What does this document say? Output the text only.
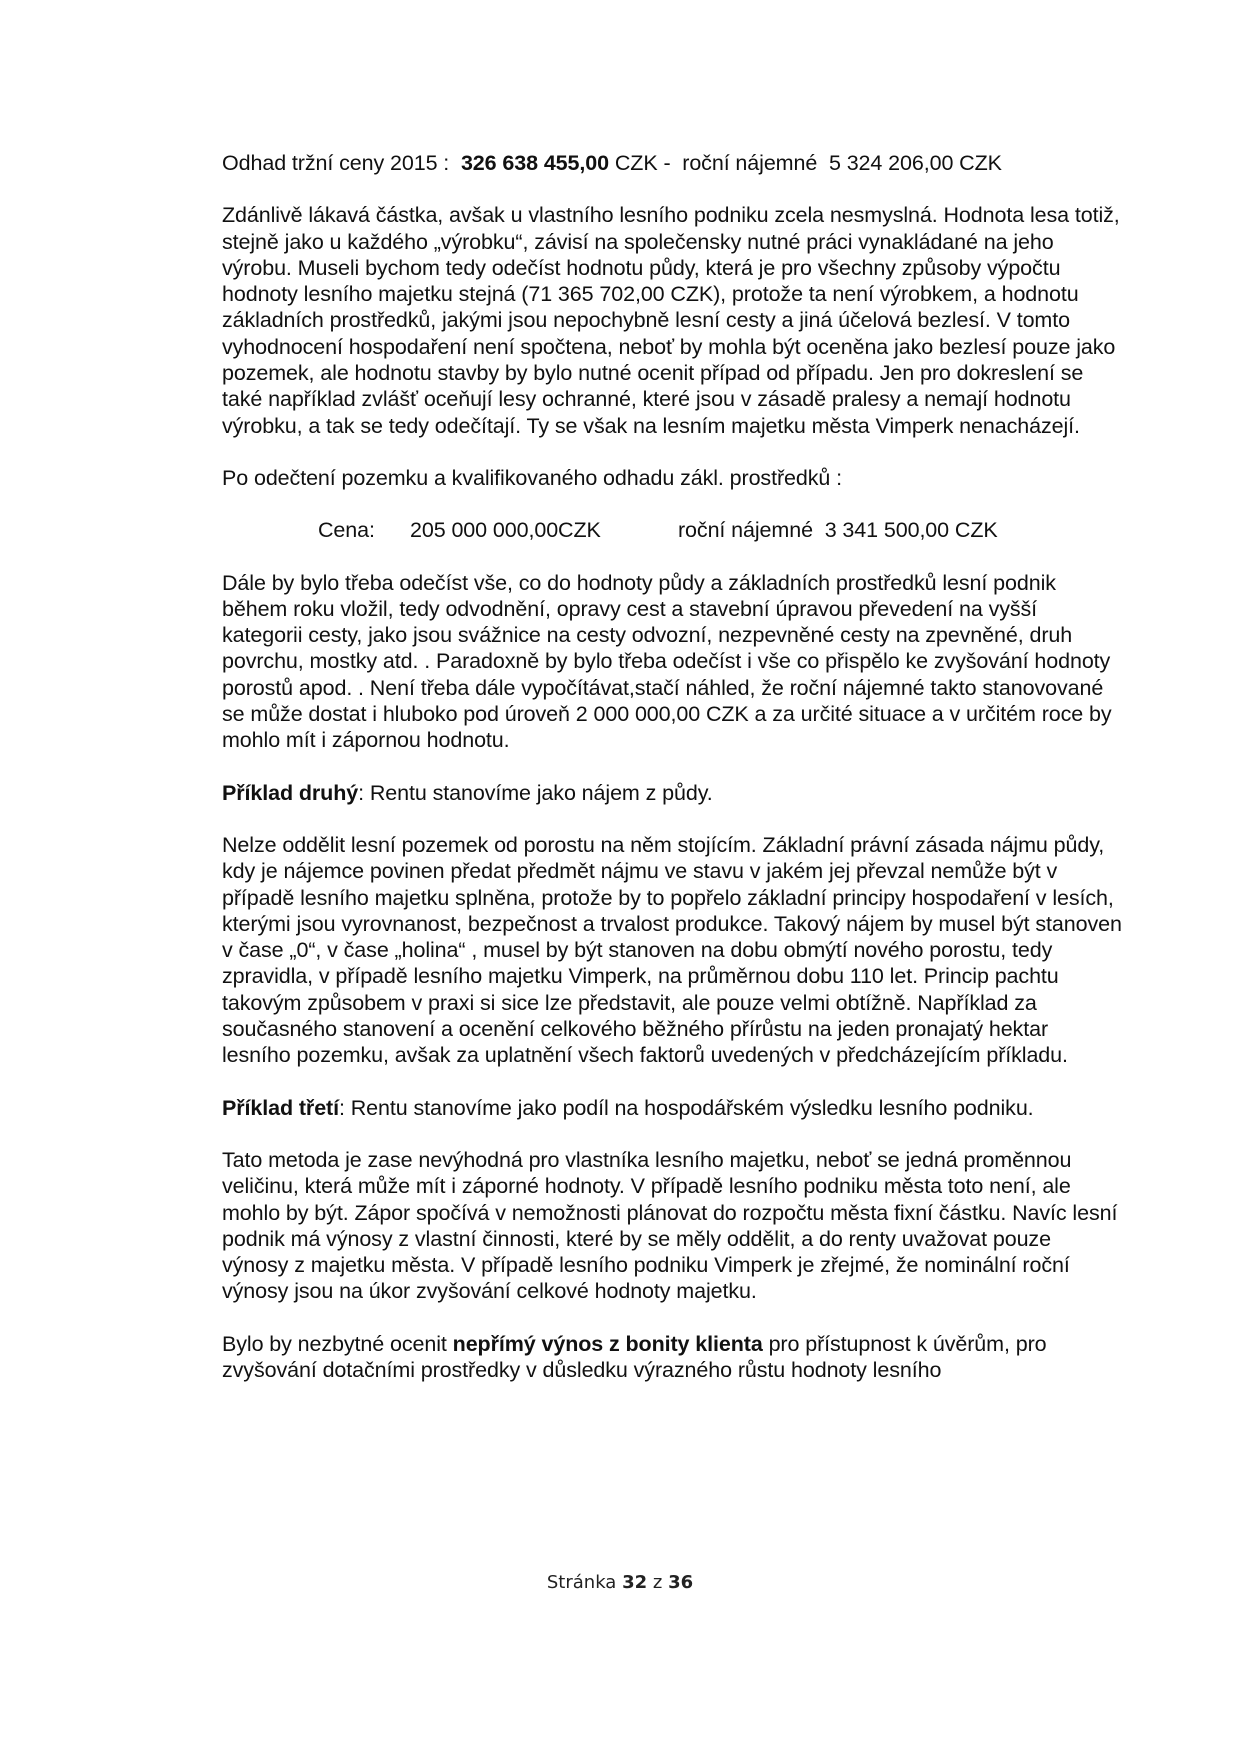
Odhad tržní ceny 2015 : 326 638 455,00 CZK - roční nájemné 5 324 206,00 CZK

Zdánlivě lákavá částka, avšak u vlastního lesního podniku zcela nesmyslná. Hodnota lesa totiž, stejně jako u každého „výrobku“, závisí na společensky nutné práci vynakládané na jeho výrobu. Museli bychom tedy odečíst hodnotu půdy, která je pro všechny způsoby výpočtu hodnoty lesního majetku stejná (71 365 702,00 CZK), protože ta není výrobkem, a hodnotu základních prostředků, jakými jsou nepochybně lesní cesty a jiná účelová bezlesí. V tomto vyhodnocení hospodaření není spočtena, neboť by mohla být oceněna jako bezlesí pouze jako pozemek, ale hodnotu stavby by bylo nutné ocenit případ od případu. Jen pro dokreslení se také například zvlášť oceňují lesy ochranné, které jsou v zásadě pralesy a nemají hodnotu výrobku, a tak se tedy odečítají. Ty se však na lesním majetku města Vimperk nenacházejí.

Po odečtení pozemku a kvalifikovaného odhadu zákl. prostředků :

Cena: 205 000 000,00CZK	roční nájemné  3 341 500,00 CZK

Dále by bylo třeba odečíst vše, co do hodnoty půdy a základních prostředků lesní podnik během roku vložil, tedy odvodnění, opravy cest a stavební úpravou převedení na vyšší kategorii cesty, jako jsou svážnice na cesty odvozní, nezpevněné cesty na zpevněné, druh povrchu, mostky atd. . Paradoxně by bylo třeba odečíst i vše co přispělo ke zvyšování hodnoty porostů apod. . Není třeba dále vypočítávat,stačí náhled, že roční nájemné takto stanovované se může dostat i hluboko pod úroveň 2 000 000,00 CZK a za určité situace a v určitém roce by mohlo mít i zápornou hodnotu.

Příklad druhý: Rentu stanovíme jako nájem z půdy.

Nelze oddělit lesní pozemek od porostu na něm stojícím. Základní právní zásada nájmu půdy, kdy je nájemce povinen předat předmět nájmu ve stavu v jakém jej převzal nemůže být v případě lesního majetku splněna, protože by to popřelo základní principy hospodaření v lesích, kterými jsou vyrovnanost, bezpečnost a trvalost produkce. Takový nájem by musel být stanoven v čase „0“, v čase „holina“ , musel by být stanoven na dobu obmýtí nového porostu, tedy zpravidla, v případě lesního majetku Vimperk, na průměrnou dobu 110 let. Princip pachtu takovým způsobem v praxi si sice lze představit, ale pouze velmi obtížně. Například za současného stanovení a ocenění celkového běžného přírůstu na jeden pronajatý hektar lesního pozemku, avšak za uplatnění všech faktorů uvedených v předcházejícím příkladu.

Příklad třetí: Rentu stanovíme jako podíl na hospodářském výsledku lesního podniku.

Tato metoda je zase nevýhodná pro vlastníka lesního majetku, neboť se jedná proměnnou veličinu, která může mít i záporné hodnoty. V případě lesního podniku města toto není, ale mohlo by být. Zápor spočívá v nemožnosti plánovat do rozpočtu města fixní částku. Navíc lesní podnik má výnosy z vlastní činnosti, které by se měly oddělit, a do renty uvažovat pouze výnosy z majetku města. V případě lesního podniku Vimperk je zřejmé, že nominální roční výnosy jsou na úkor zvyšování celkové hodnoty majetku.

Bylo by nezbytné ocenit nepřímý výnos z bonity klienta pro přístupnost k úvěrům, pro zvyšování dotačními prostředky v důsledku výrazného růstu hodnoty lesního

Stránka 32 z 36
